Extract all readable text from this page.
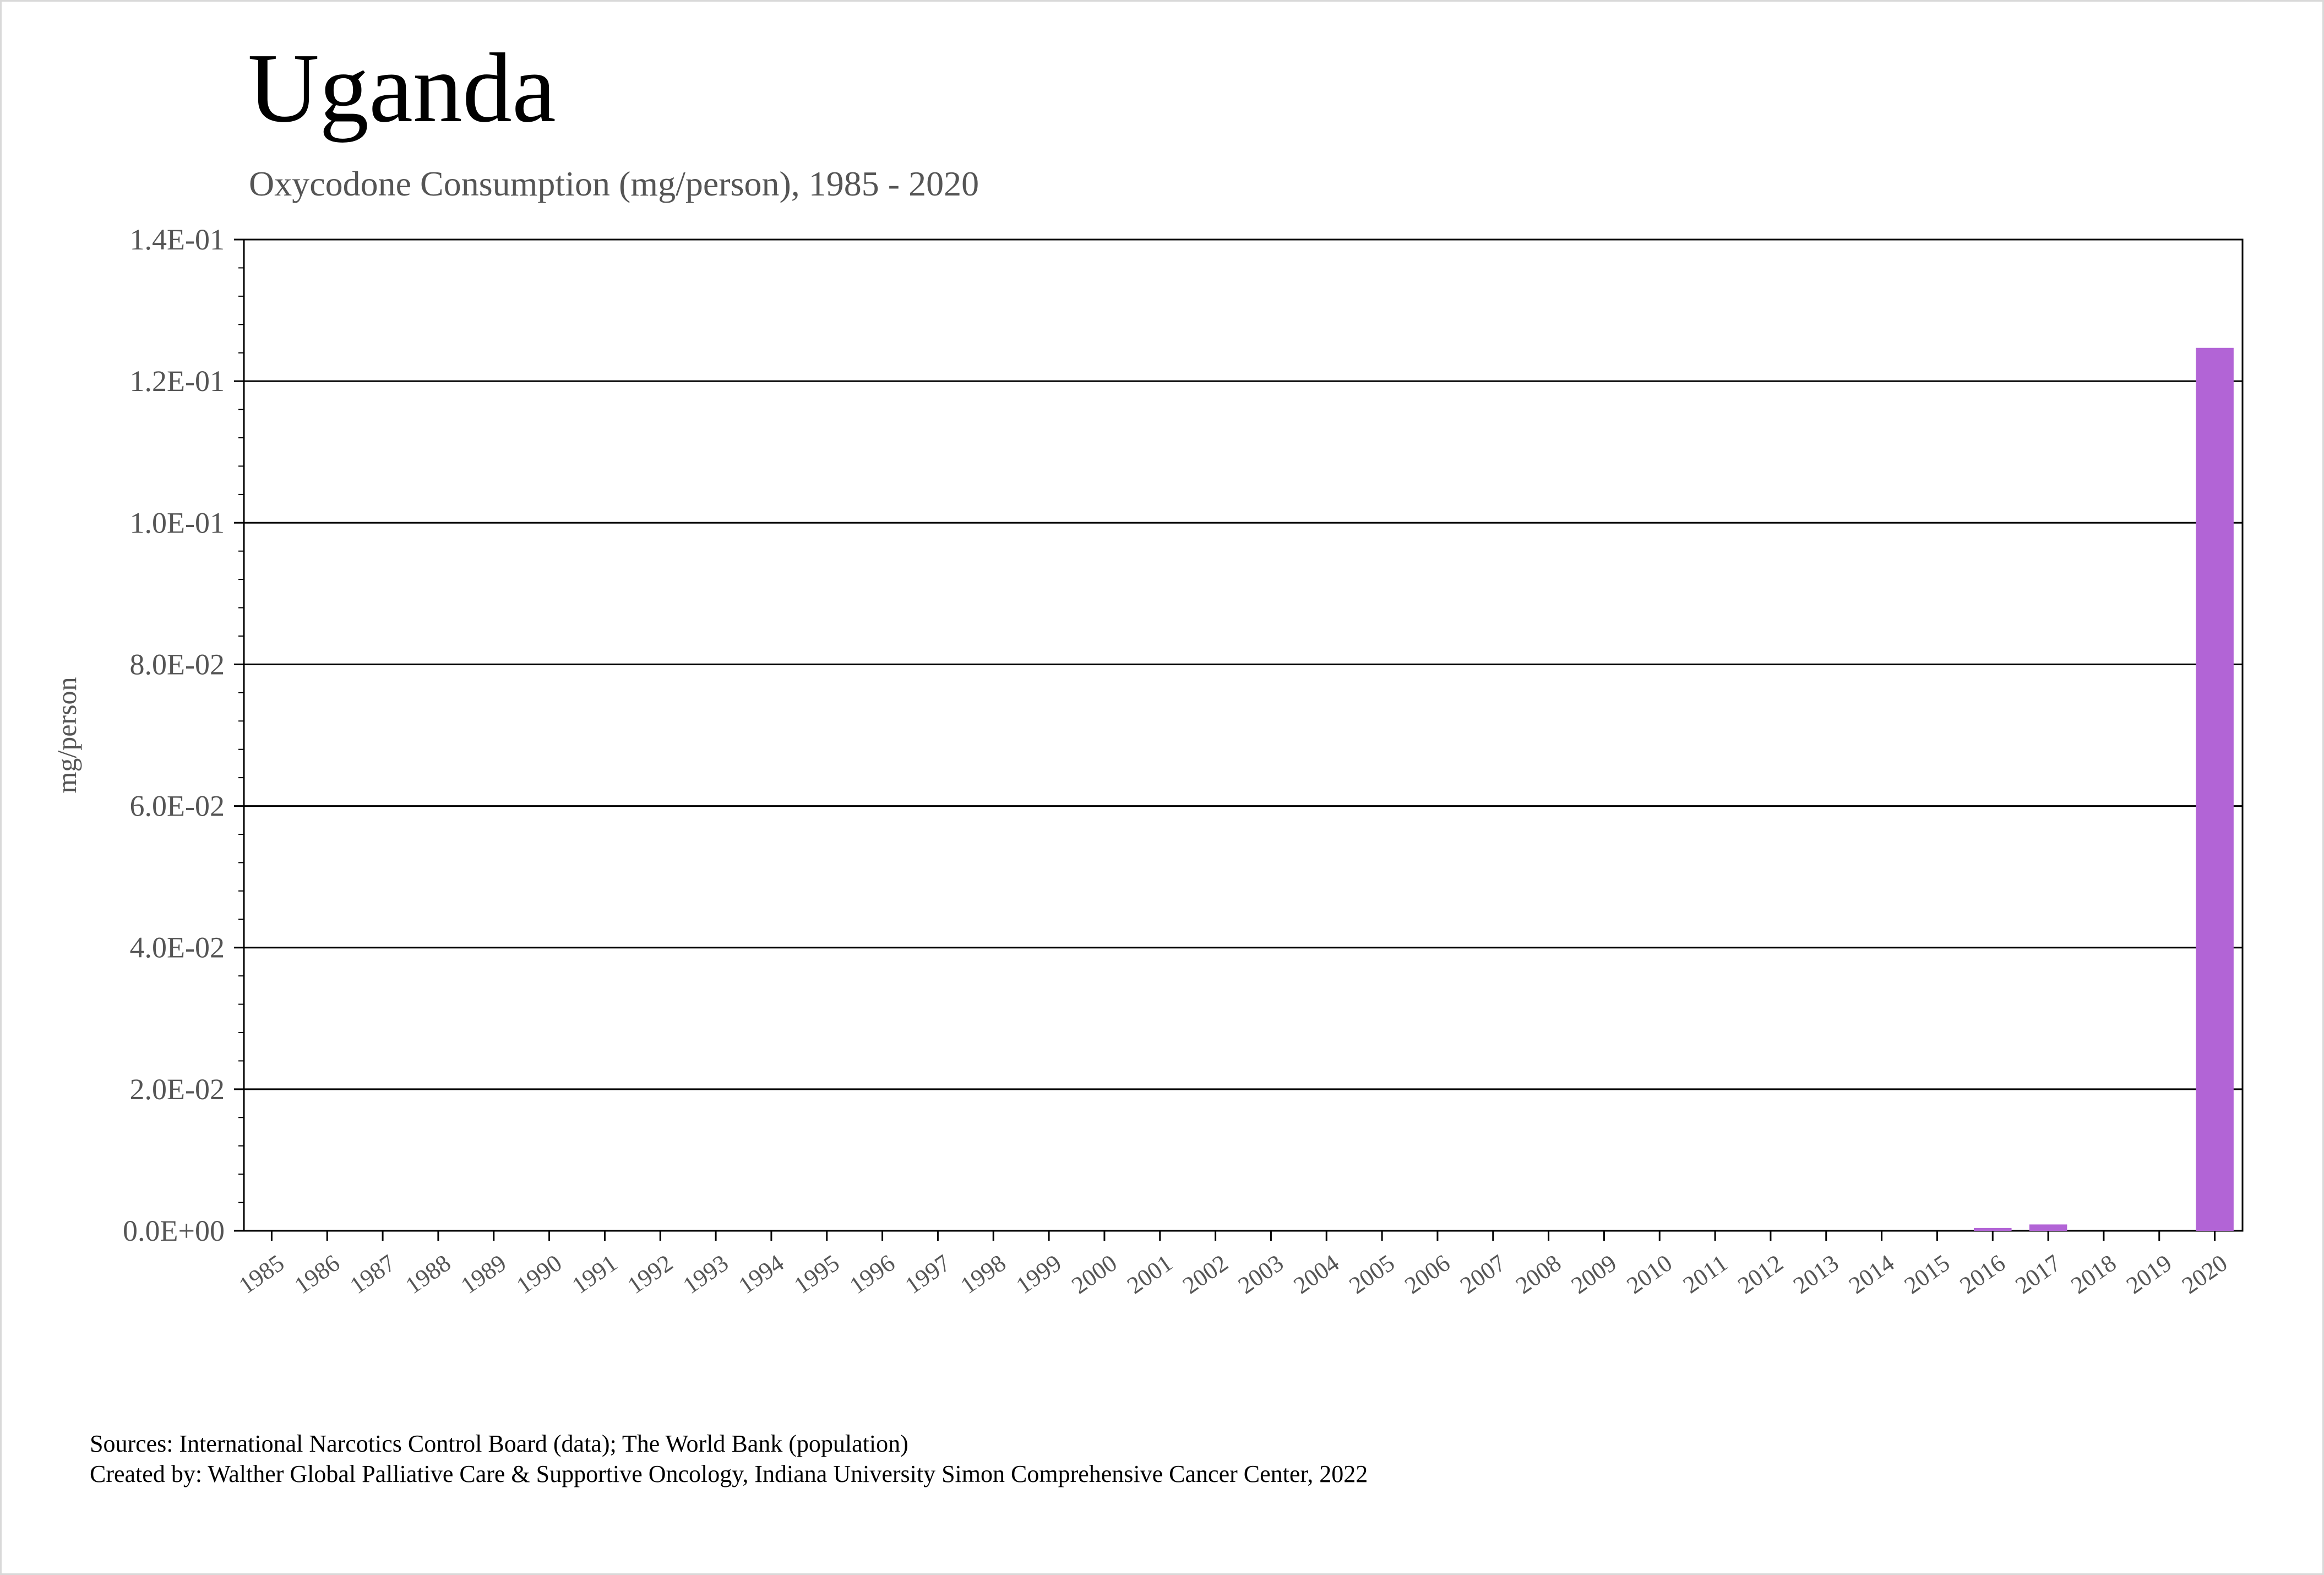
Uganda
Oxycodone Consumption (mg/person), 1985 - 2020
0.0E+00
2.0E-02
4.0E-02
6.0E-02
8.0E-02
1.0E-01
1.2E-01
1.4E-01
1985 1986 1987 1988 1989 1990 1991 1992 1993 1994 1995 1996 1997 1998 1999 2000 2001 2002 2003 2004 2005 2006 2007 2008 2009 2010 2011 2012 2013 2014 2015 2016 2017 2018 2019 2020
mg/person
Sources: International Narcotics Control Board (data); The World Bank (population)
Created by: Walther Global Palliative Care & Supportive Oncology, Indiana University Simon Comprehensive Cancer Center, 2022
